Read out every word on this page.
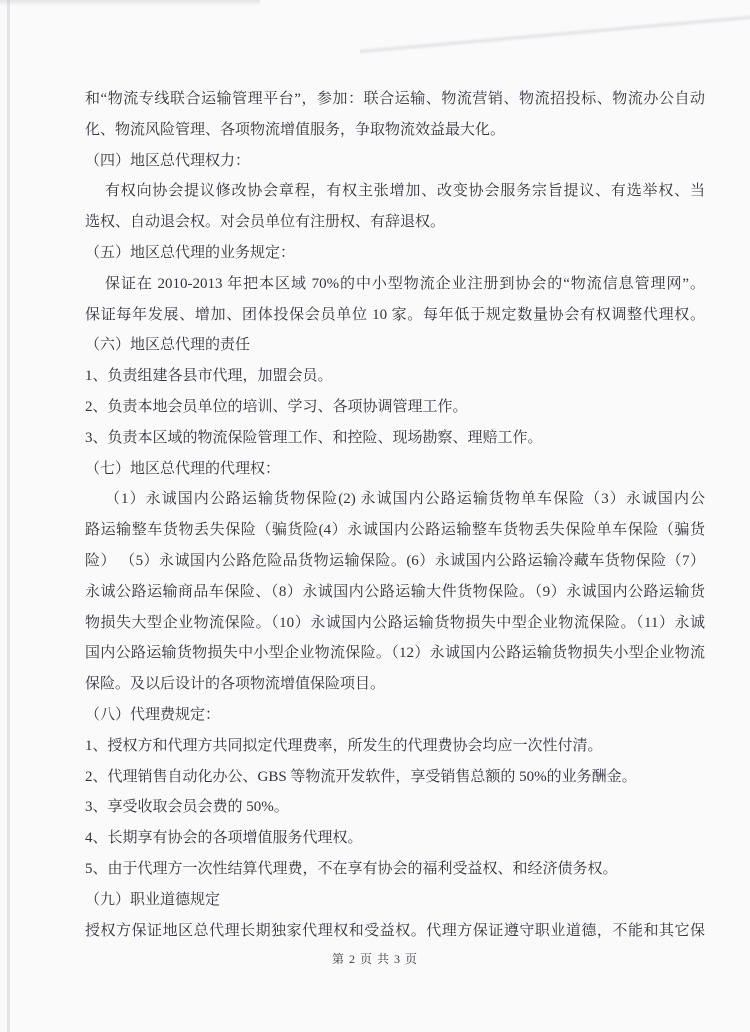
和“物流专线联合运输管理平台”，参加：联合运输、物流营销、物流招投标、物流办公自动
化、物流风险管理、各项物流增值服务，争取物流效益最大化。
（四）地区总代理权力：
有权向协会提议修改协会章程，有权主张增加、改变协会服务宗旨提议、有选举权、当
选权、自动退会权。对会员单位有注册权、有辞退权。
（五）地区总代理的业务规定：
保证在 2010-2013 年把本区域 70%的中小型物流企业注册到协会的“物流信息管理网”。
保证每年发展、增加、团体投保会员单位 10 家。每年低于规定数量协会有权调整代理权。
（六）地区总代理的责任
1、负责组建各县市代理，加盟会员。
2、负责本地会员单位的培训、学习、各项协调管理工作。
3、负责本区域的物流保险管理工作、和控险、现场勘察、理赔工作。
（七）地区总代理的代理权：
（1）永诚国内公路运输货物保险(2) 永诚国内公路运输货物单车保险（3）永诚国内公
路运输整车货物丢失保险（骗货险(4）永诚国内公路运输整车货物丢失保险单车保险（骗货
险） （5）永诚国内公路危险品货物运输保险。(6）永诚国内公路运输冷藏车货物保险（7）
永诚公路运输商品车保险、（8）永诚国内公路运输大件货物保险。（9）永诚国内公路运输货
物损失大型企业物流保险。（10）永诚国内公路运输货物损失中型企业物流保险。（11）永诚
国内公路运输货物损失中小型企业物流保险。（12）永诚国内公路运输货物损失小型企业物流
保险。及以后设计的各项物流增值保险项目。
（八）代理费规定：
1、授权方和代理方共同拟定代理费率，所发生的代理费协会均应一次性付清。
2、代理销售自动化办公、GBS 等物流开发软件，享受销售总额的 50%的业务酬金。
3、享受收取会员会费的 50%。
4、长期享有协会的各项增值服务代理权。
5、由于代理方一次性结算代理费，不在享有协会的福利受益权、和经济债务权。
（九）职业道德规定
授权方保证地区总代理长期独家代理权和受益权。代理方保证遵守职业道德，不能和其它保
第 2 页 共 3 页
